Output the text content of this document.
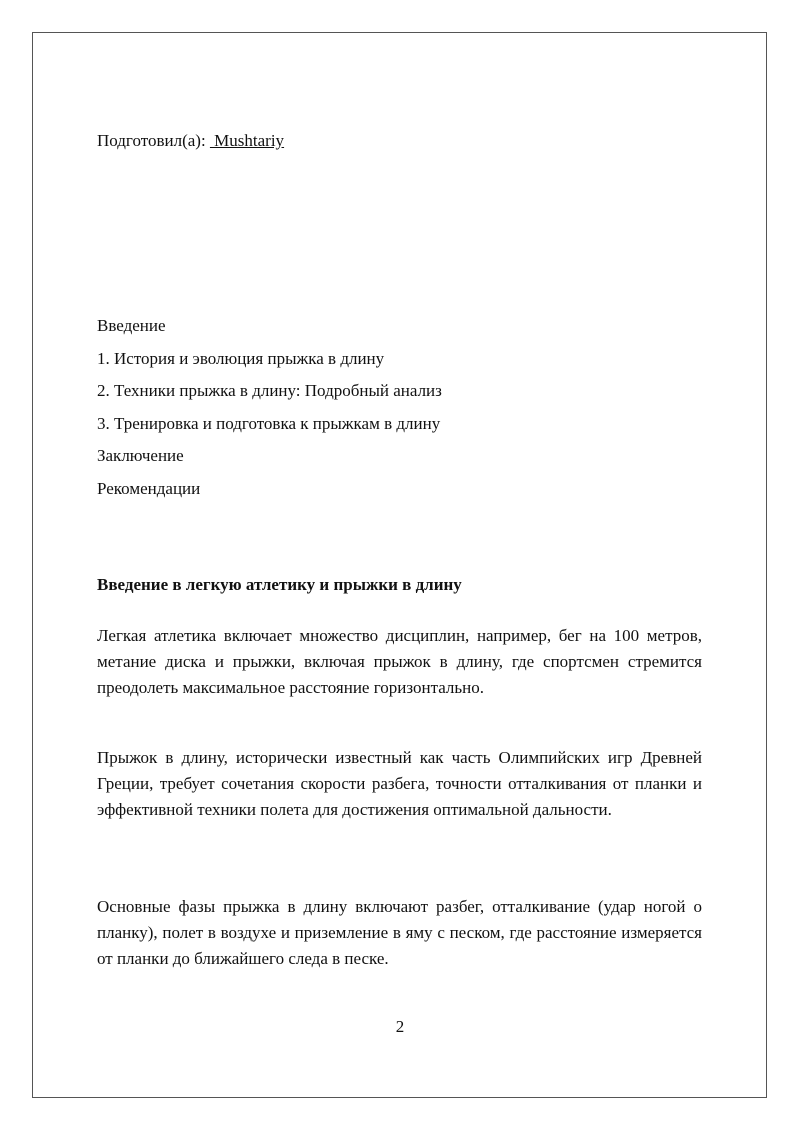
Подготовил(а):  Mushtariy
Введение
1. История и эволюция прыжка в длину
2. Техники прыжка в длину: Подробный анализ
3. Тренировка и подготовка к прыжкам в длину
Заключение
Рекомендации
Введение в легкую атлетику и прыжки в длину

Легкая атлетика включает множество дисциплин, например, бег на 100 метров, метание диска и прыжки, включая прыжок в длину, где спортсмен стремится преодолеть максимальное расстояние горизонтально.

Прыжок в длину, исторически известный как часть Олимпийских игр Древней Греции, требует сочетания скорости разбега, точности отталкивания от планки и эффективной техники полета для достижения оптимальной дальности.

Основные фазы прыжка в длину включают разбег, отталкивание (удар ногой о планку), полет в воздухе и приземление в яму с песком, где расстояние измеряется от планки до ближайшего следа в песке.

2
